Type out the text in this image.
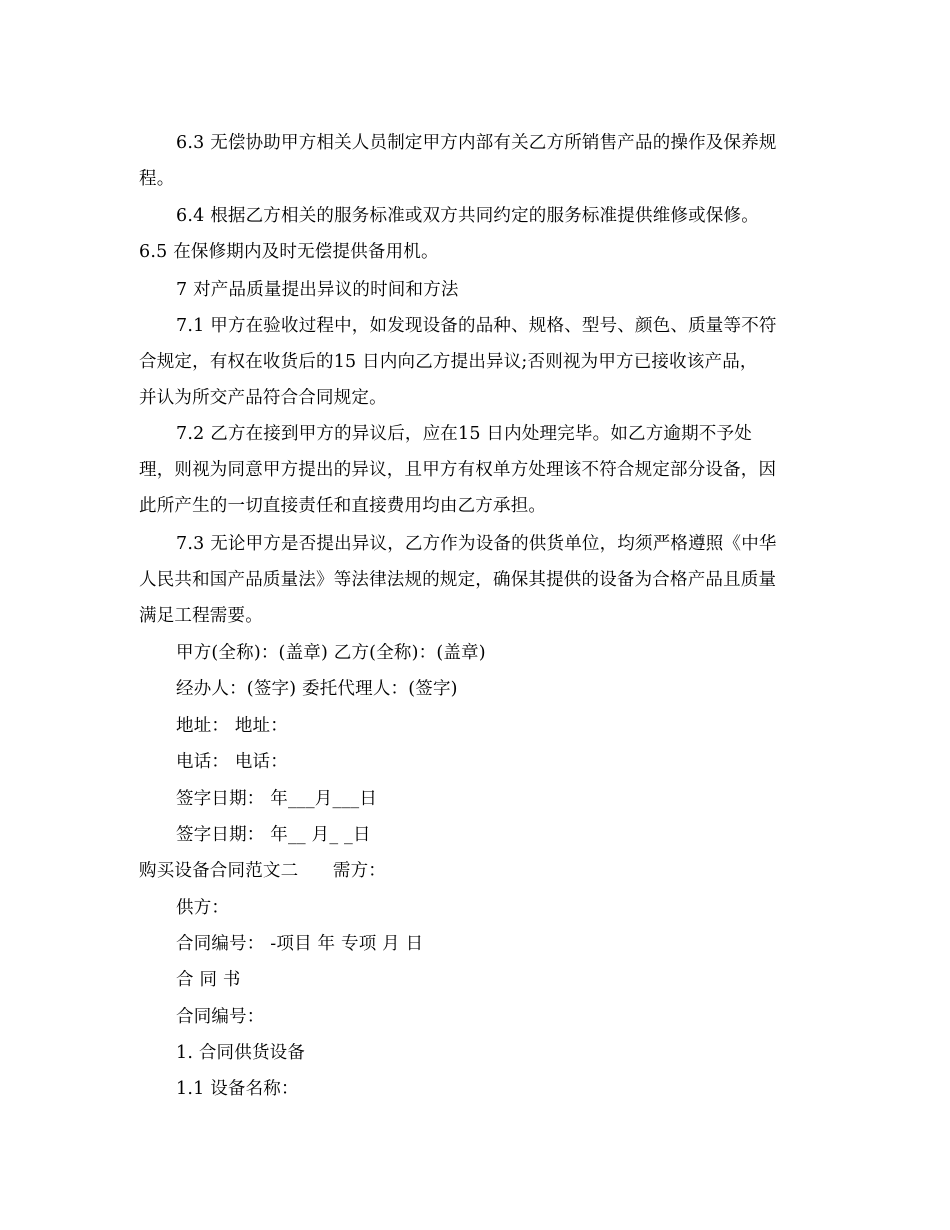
6.3 无偿协助甲方相关人员制定甲方内部有关乙方所销售产品的操作及保养规
程。
6.4 根据乙方相关的服务标准或双方共同约定的服务标准提供维修或保修。
6.5 在保修期内及时无偿提供备用机。
7 对产品质量提出异议的时间和方法
7.1 甲方在验收过程中，如发现设备的品种、规格、型号、颜色、质量等不符
合规定，有权在收货后的15 日内向乙方提出异议;否则视为甲方已接收该产品，
并认为所交产品符合合同规定。
7.2 乙方在接到甲方的异议后，应在15 日内处理完毕。如乙方逾期不予处
理，则视为同意甲方提出的异议，且甲方有权单方处理该不符合规定部分设备，因
此所产生的一切直接责任和直接费用均由乙方承担。
7.3 无论甲方是否提出异议，乙方作为设备的供货单位，均须严格遵照《中华
人民共和国产品质量法》等法律法规的规定，确保其提供的设备为合格产品且质量
满足工程需要。
甲方(全称)：(盖章) 乙方(全称)：(盖章)
经办人：(签字) 委托代理人：(签字)
地址： 地址：
电话： 电话：
签字日期： 年___月___日
签字日期： 年__ 月_ _日
购买设备合同范文二      需方：
供方：
合同编号： -项目 年 专项 月 日
合 同 书
合同编号：
1. 合同供货设备
1.1 设备名称：
